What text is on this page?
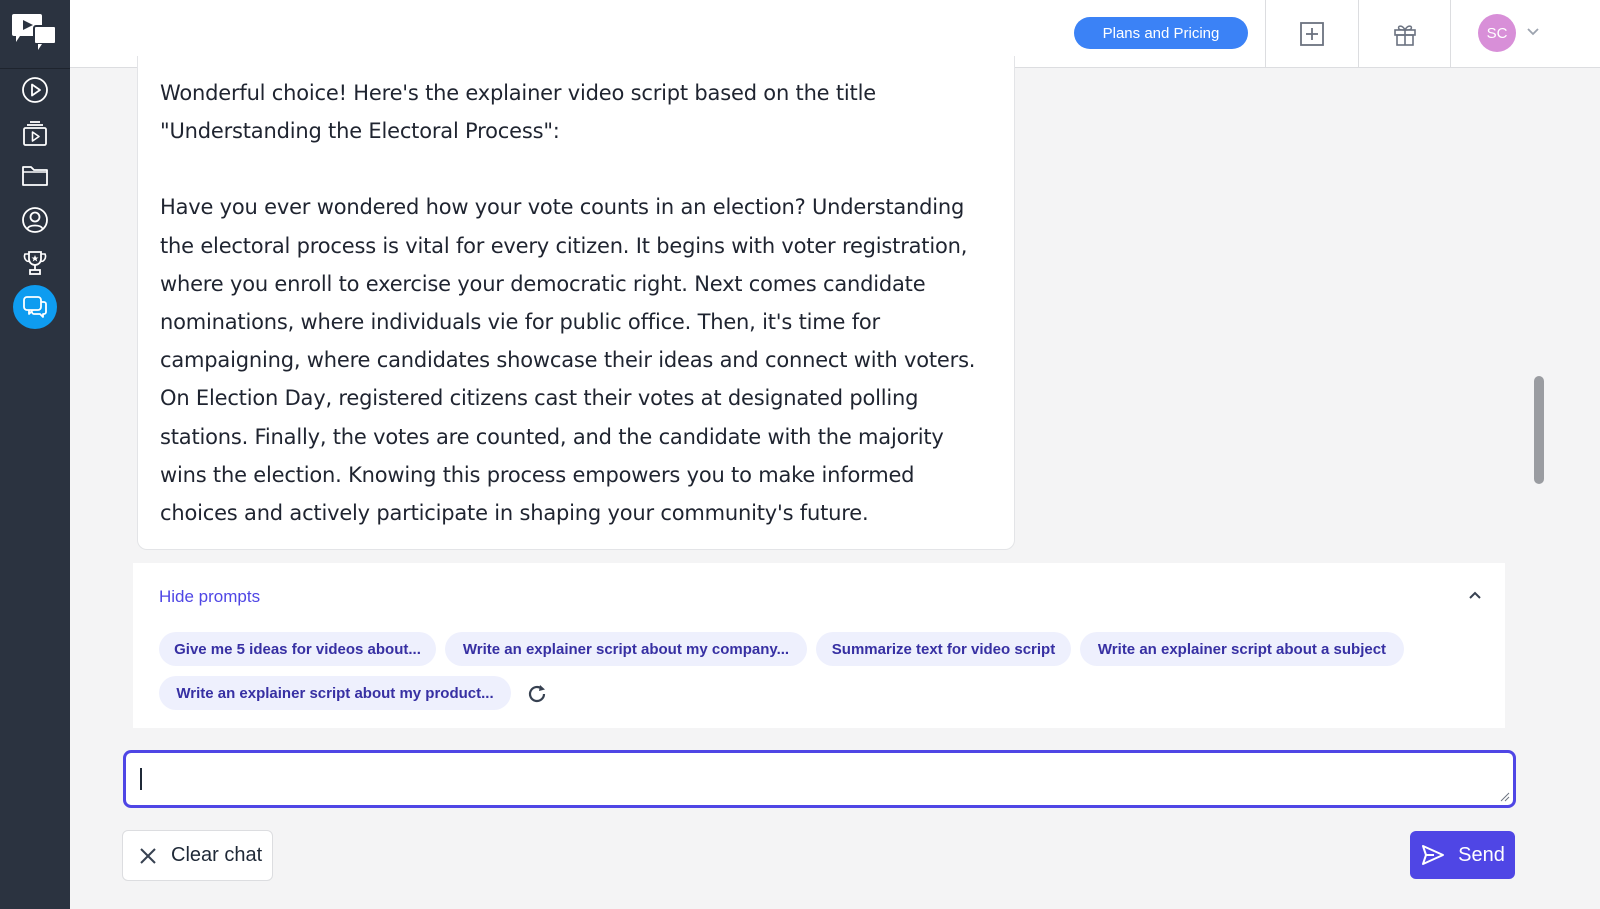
Plans and Pricing	SC

Wonderful choice! Here's the explainer video script based on the title "Understanding the Electoral Process":

Have you ever wondered how your vote counts in an election? Understanding the electoral process is vital for every citizen. It begins with voter registration, where you enroll to exercise your democratic right. Next comes candidate nominations, where individuals vie for public office. Then, it's time for campaigning, where candidates showcase their ideas and connect with voters. On Election Day, registered citizens cast their votes at designated polling stations. Finally, the votes are counted, and the candidate with the majority wins the election. Knowing this process empowers you to make informed choices and actively participate in shaping your community's future.

Hide prompts
Give me 5 ideas for videos about...	Write an explainer script about my company...	Summarize text for video script	Write an explainer script about a subject
Write an explainer script about my product...
Clear chat	Send
